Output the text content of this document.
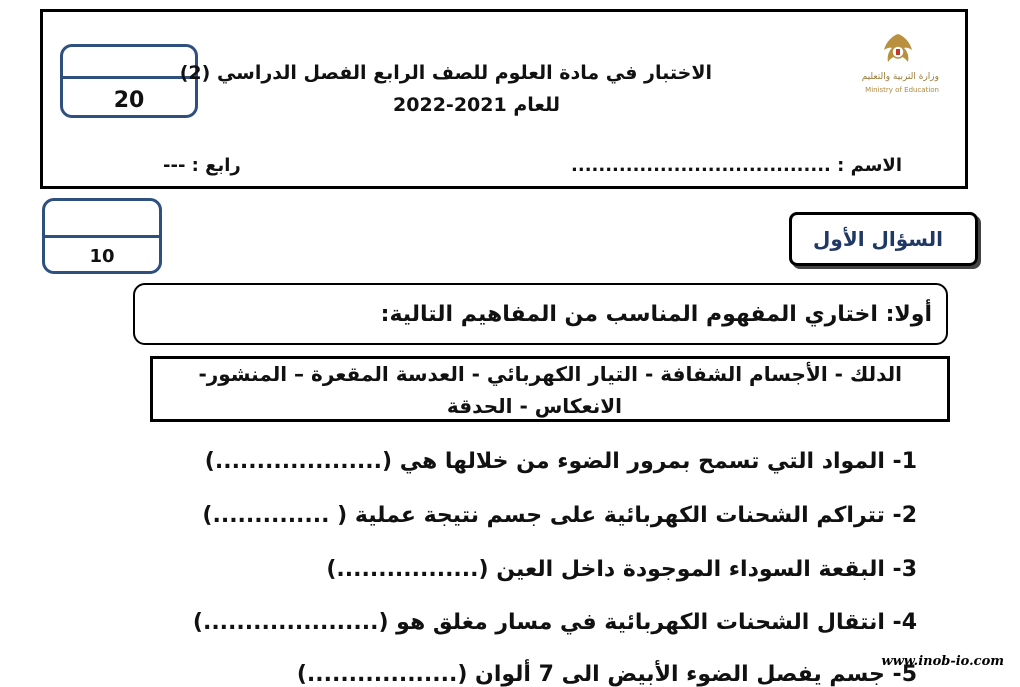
20
وزارة التربية والتعليم
Ministry of Education
الاختبار في مادة العلوم للصف الرابع الفصل الدراسي (2)
للعام 2021-2022
الاسم : ......................................
رابع : ---
10
السؤال الأول
أولا: اختاري المفهوم المناسب من المفاهيم التالية:
الدلك - الأجسام الشفافة - التيار الكهربائي - العدسة المقعرة – المنشور-
الانعكاس - الحدقة
1- المواد التي تسمح بمرور الضوء من خلالها هي (....................)
2- تتراكم الشحنات الكهربائية على جسم نتيجة عملية ( ..............)
3- البقعة السوداء الموجودة داخل العين (.................)
4- انتقال الشحنات الكهربائية في مسار مغلق هو (.....................)
5- جسم يفصل الضوء الأبيض الى 7 ألوان (..................)
www.inob-io.com
